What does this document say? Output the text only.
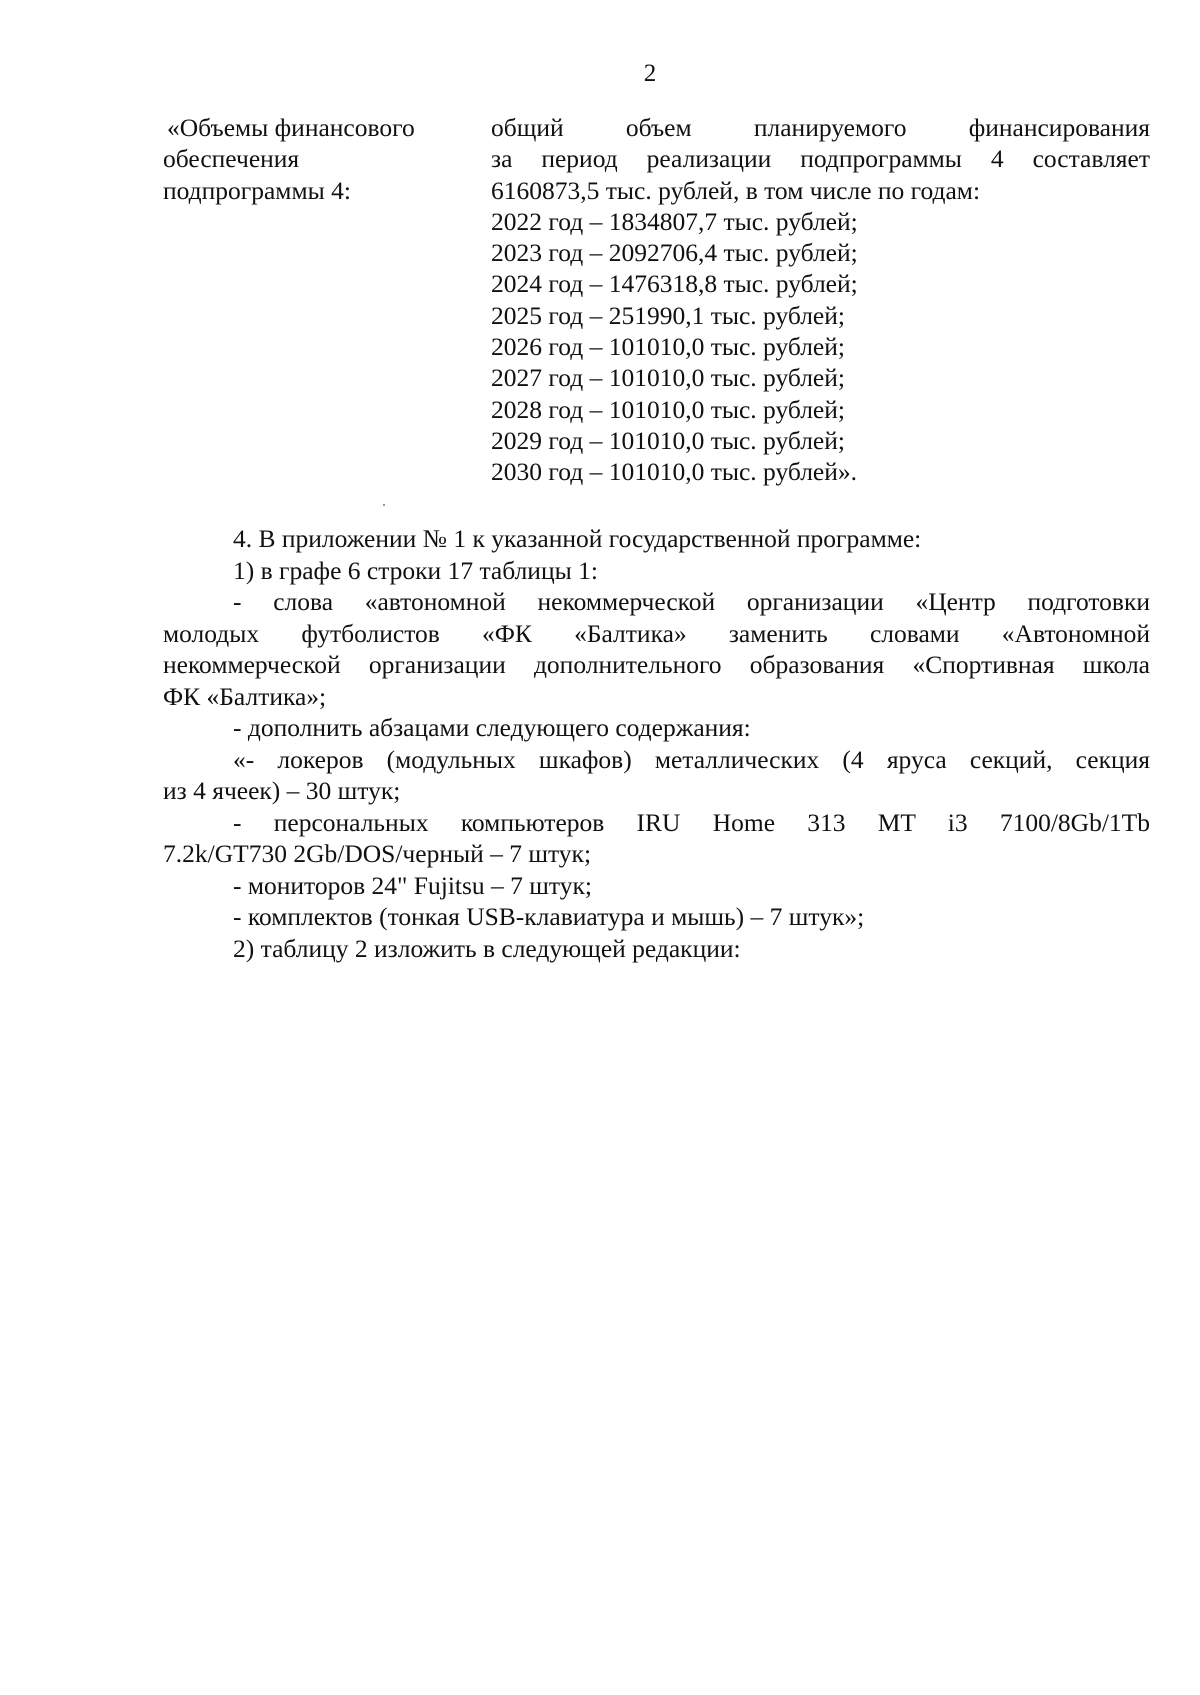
2
«Объемы финансового
обеспечения
подпрограммы 4:
общий объем планируемого финансирования
за период реализации подпрограммы 4 составляет
6160873,5 тыс. рублей, в том числе по годам:
2022 год – 1834807,7 тыс. рублей;
2023 год – 2092706,4 тыс. рублей;
2024 год – 1476318,8 тыс. рублей;
2025 год – 251990,1 тыс. рублей;
2026 год – 101010,0 тыс. рублей;
2027 год – 101010,0 тыс. рублей;
2028 год – 101010,0 тыс. рублей;
2029 год – 101010,0 тыс. рублей;
2030 год – 101010,0 тыс. рублей».

4. В приложении № 1 к указанной государственной программе:

1) в графе 6 строки 17 таблицы 1:

- слова «автономной некоммерческой организации «Центр подготовки
молодых футболистов «ФК «Балтика» заменить словами «Автономной
некоммерческой организации дополнительного образования «Спортивная школа
ФК «Балтика»;

- дополнить абзацами следующего содержания:

«- локеров (модульных шкафов) металлических (4 яруса секций, секция
из 4 ячеек) – 30 штук;
- персональных компьютеров IRU Home 313 MT i3 7100/8Gb/1Tb
7.2k/GT730 2Gb/DOS/черный – 7 штук;

- мониторов 24" Fujitsu – 7 штук;

- комплектов (тонкая USB-клавиатура и мышь) – 7 штук»;

2) таблицу 2 изложить в следующей редакции:
